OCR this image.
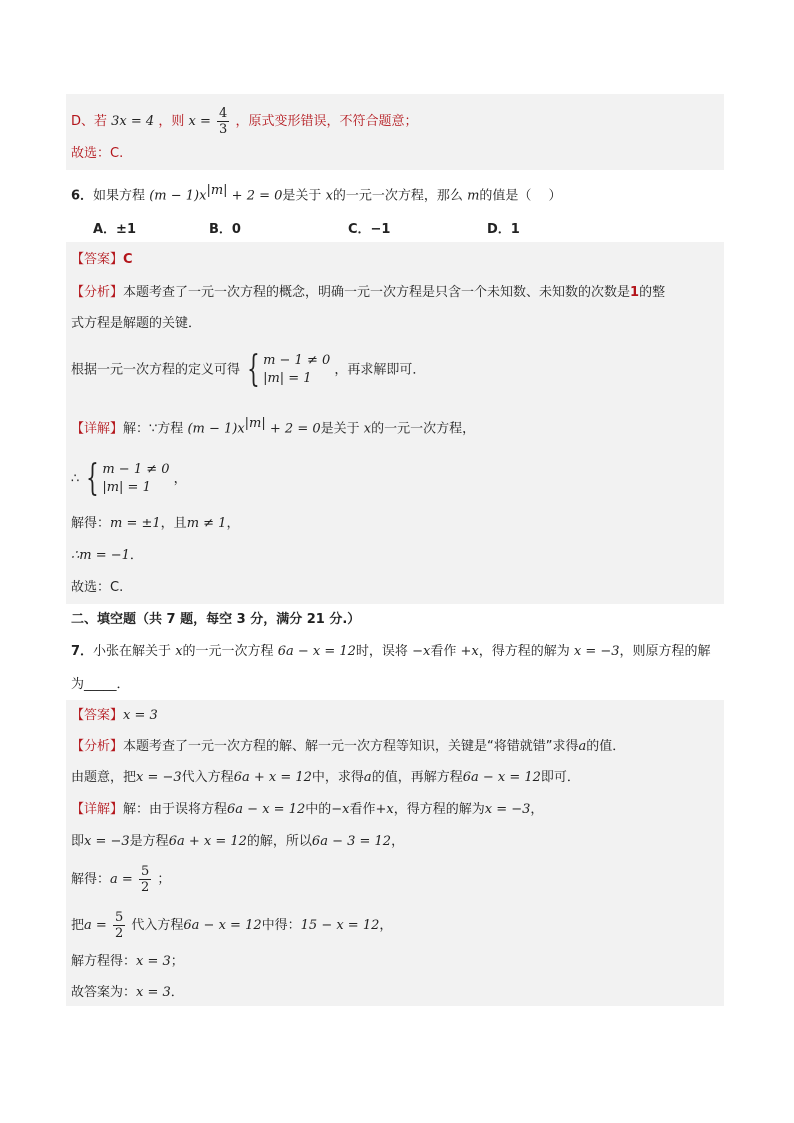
D、若 3x = 4 ，则 $x = \frac{4}{3}$ ，原式变形错误，不符合题意；
故选：C.
6．如果方程 $(m - 1)x^{|m|} + 2 = 0$是关于 x的一元一次方程，那么 m的值是（　 ）
A．±1	B．0	C．−1	D．1
【答案】C
【分析】本题考查了一元一次方程的概念，明确一元一次方程是只含一个未知数、未知数的次数是1的整
式方程是解题的关键．
根据一元一次方程的定义可得 { m − 1 ≠ 0
|m| = 1
，再求解即可．
【详解】解：∵方程 $(m - 1)x^{|m|} + 2 = 0$是关于 x的一元一次方程，
∴ { m − 1 ≠ 0
|m| = 1
，
解得：m = ±1，且m ≠ 1，
∴m = −1．
故选：C.
二、填空题（共 7 题，每空 3 分，满分 21 分.）
7．小张在解关于 x的一元一次方程 6a − x = 12时，误将 −x看作 +x，得方程的解为 x = −3，则原方程的解
为_____．
【答案】x = 3
【分析】本题考查了一元一次方程的解、解一元一次方程等知识，关键是“将错就错”求得a的值．
由题意，把x = −3代入方程6a + x = 12中，求得a的值，再解方程6a − x = 12即可．
【详解】解：由于误将方程6a − x = 12中的−x看作+x，得方程的解为x = −3，
即x = −3是方程6a + x = 12的解，所以6a − 3 = 12，
解得：$a = \frac{5}{2}$ ；
把$a = \frac{5}{2}$ 代入方程6a − x = 12中得：15 − x = 12，
解方程得：x = 3；
故答案为：x = 3．
